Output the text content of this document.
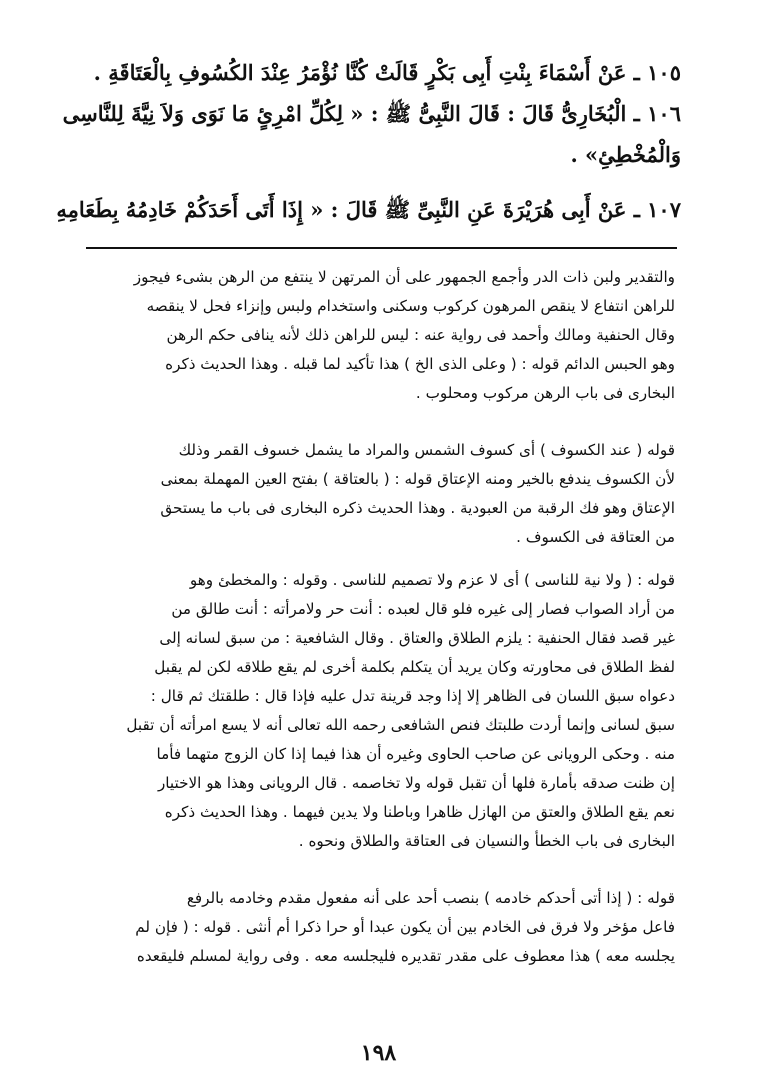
١٠٥ ـ عَنْ أَسْمَاءَ بِنْتِ أَبِى بَكْرٍ قَالَتْ كُنَّا نُؤْمَرُ عِنْدَ الكُسُوفِ بِالْعَتَاقَةِ .
١٠٦ ـ الْبُخَارِىُّ قَالَ : قَالَ النَّبِىُّ ﷺ : « لِكُلِّ امْرِئٍ مَا نَوَى وَلاَ نِيَّةَ لِلنَّاسِى
وَالْمُخْطِئِ» .
١٠٧ ـ عَنْ أَبِى هُرَيْرَةَ عَنِ النَّبِىِّ ﷺ قَالَ : « إِذَا أَتَى أَحَدَكُمْ خَادِمُهُ بِطَعَامِهِ
والتقدير ولبن ذات الدر وأجمع الجمهور على أن المرتهن لا ينتفع من الرهن بشىء فيجوز
للراهن انتفاع لا ينقص المرهون كركوب وسكنى واستخدام ولبس وإنزاء فحل لا ينقصه
وقال الحنفية ومالك وأحمد فى رواية عنه : ليس للراهن ذلك لأنه ينافى حكم الرهن
وهو الحبس الدائم قوله : ( وعلى الذى الخ ) هذا تأكيد لما قبله . وهذا الحديث ذكره
البخارى فى باب الرهن مركوب ومحلوب .
قوله ( عند الكسوف ) أى كسوف الشمس والمراد ما يشمل خسوف القمر وذلك
لأن الكسوف يندفع بالخير ومنه الإعتاق قوله : ( بالعتاقة ) بفتح العين المهملة بمعنى
الإعتاق وهو فك الرقبة من العبودية . وهذا الحديث ذكره البخارى فى باب ما يستحق
من العتاقة فى الكسوف .
قوله : ( ولا نية للناسى ) أى لا عزم ولا تصميم للناسى . وقوله : والمخطئ وهو
من أراد الصواب فصار إلى غيره فلو قال لعبده : أنت حر ولامرأته : أنت طالق من
غير قصد فقال الحنفية : يلزم الطلاق والعتاق . وقال الشافعية : من سبق لسانه إلى
لفظ الطلاق فى محاورته وكان يريد أن يتكلم بكلمة أخرى لم يقع طلاقه لكن لم يقبل
دعواه سبق اللسان فى الظاهر إلا إذا وجد قرينة تدل عليه فإذا قال : طلقتك ثم قال :
سبق لسانى وإنما أردت طلبتك فنص الشافعى رحمه الله تعالى أنه لا يسع امرأته أن تقبل
منه . وحكى الرويانى عن صاحب الحاوى وغيره أن هذا فيما إذا كان الزوج متهما فأما
إن ظنت صدقه بأمارة فلها أن تقبل قوله ولا تخاصمه . قال الرويانى وهذا هو الاختيار
نعم يقع الطلاق والعتق من الهازل ظاهرا وباطنا ولا يدين فيهما . وهذا الحديث ذكره
البخارى فى باب الخطأ والنسيان فى العتاقة والطلاق ونحوه .
قوله : ( إذا أتى أحدكم خادمه ) بنصب أحد على أنه مفعول مقدم وخادمه بالرفع
فاعل مؤخر ولا فرق فى الخادم بين أن يكون عبدا أو حرا ذكرا أم أنثى . قوله : ( فإن لم
يجلسه معه ) هذا معطوف على مقدر تقديره فليجلسه معه . وفى رواية لمسلم فليقعده
١٩٨
